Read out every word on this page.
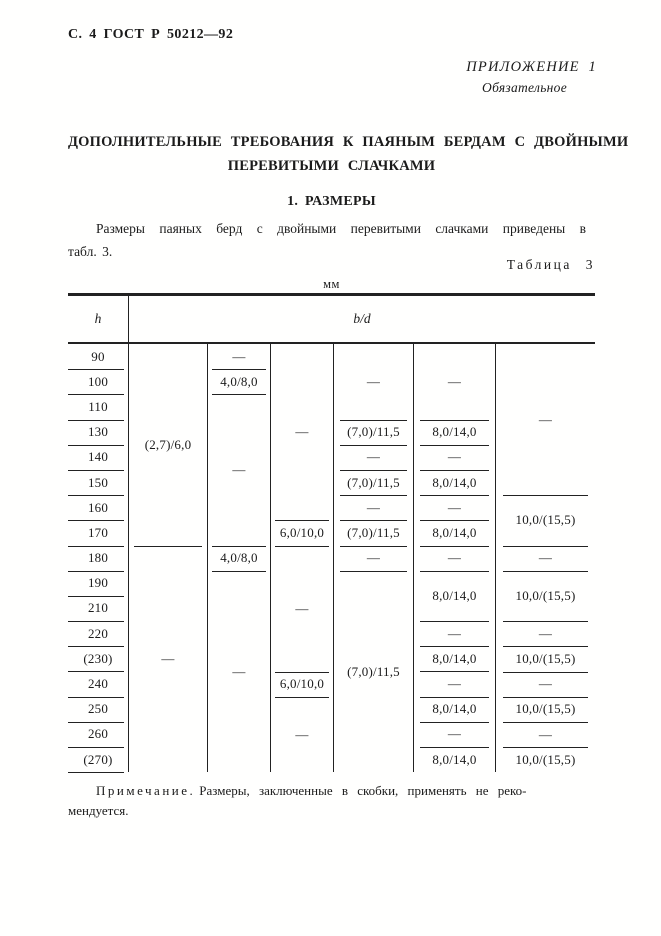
С. 4 ГОСТ Р 50212—92
ПРИЛОЖЕНИЕ 1
Обязательное
ДОПОЛНИТЕЛЬНЫЕ ТРЕБОВАНИЯ К ПАЯНЫМ БЕРДАМ С ДВОЙНЫМИ
ПЕРЕВИТЫМИ СЛАЧКАМИ
1. РАЗМЕРЫ
Размеры паяных берд с двойными перевитыми слачками приведены в
табл. 3.
Таблица 3
мм
h	b/d
90
100
110
130
140
150
160
170
180
190
210
220
(230)
240
250
260
(270)
(2,7)/6,0
—
—
4,0/8,0
—
4,0/8,0
—
—
6,0/10,0
—
6,0/10,0
—
—
(7,0)/11,5
—
(7,0)/11,5
—
(7,0)/11,5
—
(7,0)/11,5
—
8,0/14,0
—
8,0/14,0
—
8,0/14,0
—
8,0/14,0
—
8,0/14,0
—
8,0/14,0
—
8,0/14,0
—
10,0/(15,5)
—
10,0/(15,5)
—
10,0/(15,5)
—
10,0/(15,5)
—
10,0/(15,5)
Примечание. Размеры, заключенные в скобки, применять не реко-
мендуется.
